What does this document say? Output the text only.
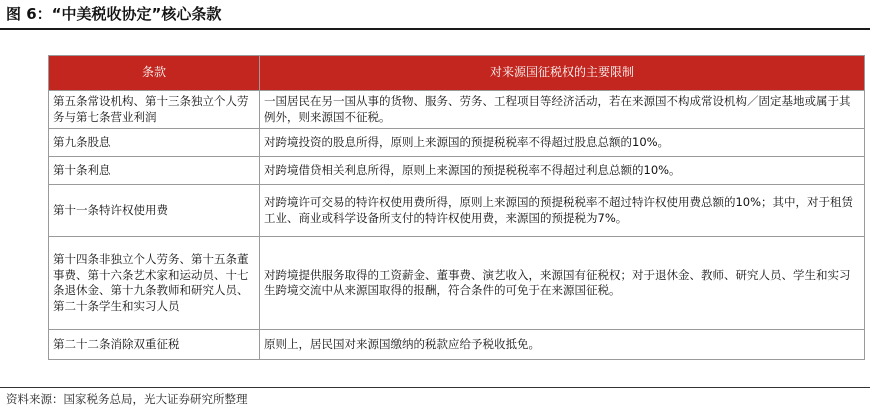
图 6：“中美税收协定”核心条款
条款	对来源国征税权的主要限制
第五条常设机构、第十三条独立个人劳务与第七条营业利润	一国居民在另一国从事的货物、服务、劳务、工程项目等经济活动，若在来源国不构成常设机构／固定基地或属于其例外，则来源国不征税。
第九条股息	对跨境投资的股息所得，原则上来源国的预提税税率不得超过股息总额的10%。
第十条利息	对跨境借贷相关利息所得，原则上来源国的预提税税率不得超过利息总额的10%。
第十一条特许权使用费	对跨境许可交易的特许权使用费所得，原则上来源国的预提税税率不超过特许权使用费总额的10%；其中，对于租赁工业、商业或科学设备所支付的特许权使用费，来源国的预提税为7%。
第十四条非独立个人劳务、第十五条董事费、第十六条艺术家和运动员、十七条退休金、第十九条教师和研究人员、第二十条学生和实习人员	对跨境提供服务取得的工资薪金、董事费、演艺收入，来源国有征税权；对于退休金、教师、研究人员、学生和实习生跨境交流中从来源国取得的报酬，符合条件的可免于在来源国征税。
第二十二条消除双重征税	原则上，居民国对来源国缴纳的税款应给予税收抵免。
资料来源：国家税务总局，光大证券研究所整理
